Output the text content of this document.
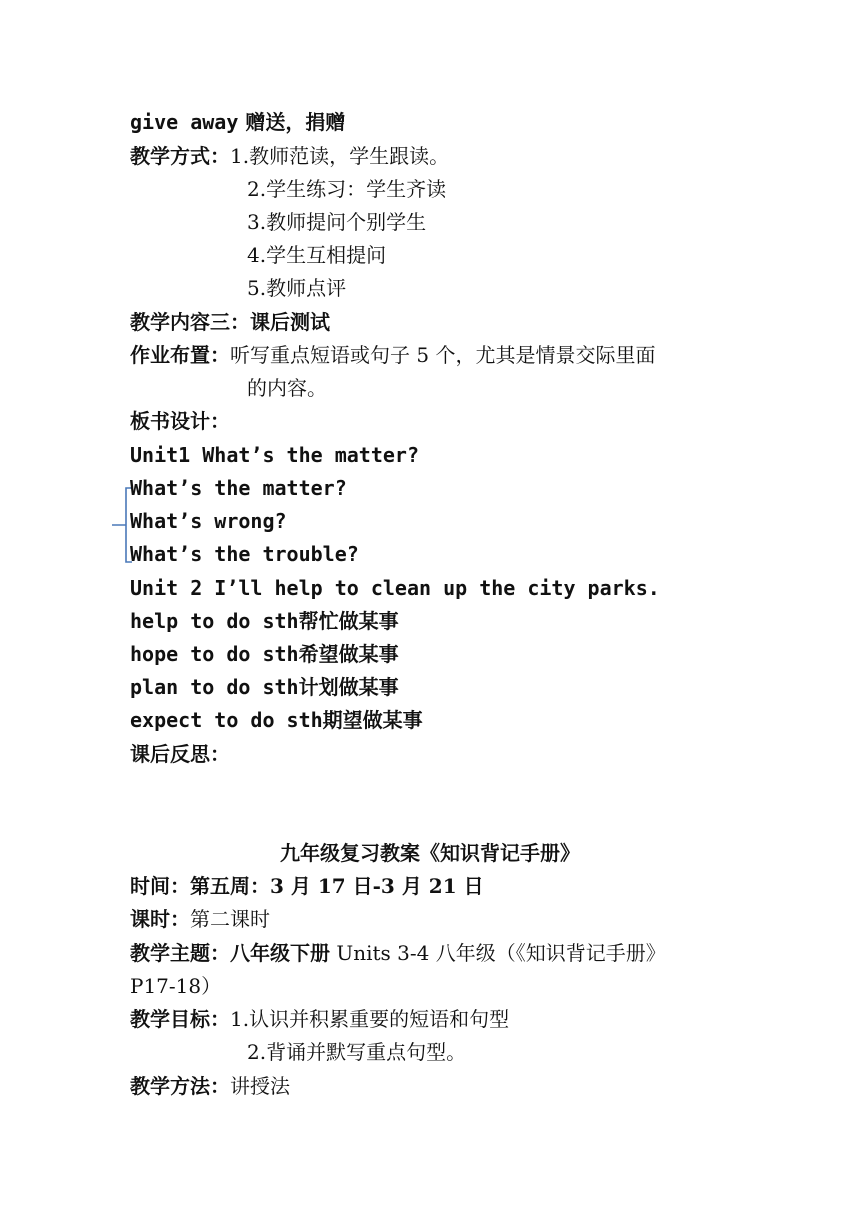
give away 赠送，捐赠
教学方式：1.教师范读，学生跟读。
2.学生练习：学生齐读
3.教师提问个别学生
4.学生互相提问
5.教师点评
教学内容三：课后测试
作业布置：听写重点短语或句子 5 个，尤其是情景交际里面
的内容。
板书设计：
Unit1 What’s the matter?
What’s the matter?
What’s wrong?
What’s the trouble?
Unit 2 I’ll help to clean up the city parks.
help to do sth帮忙做某事
hope to do sth希望做某事
plan to do sth计划做某事
expect to do sth期望做某事
课后反思：
九年级复习教案《知识背记手册》
时间：第五周：3 月 17 日-3 月 21 日
课时：第二课时
教学主题：八年级下册 Units 3-4 八年级（《知识背记手册》
P17-18）
教学目标：1.认识并积累重要的短语和句型
2.背诵并默写重点句型。
教学方法：讲授法
